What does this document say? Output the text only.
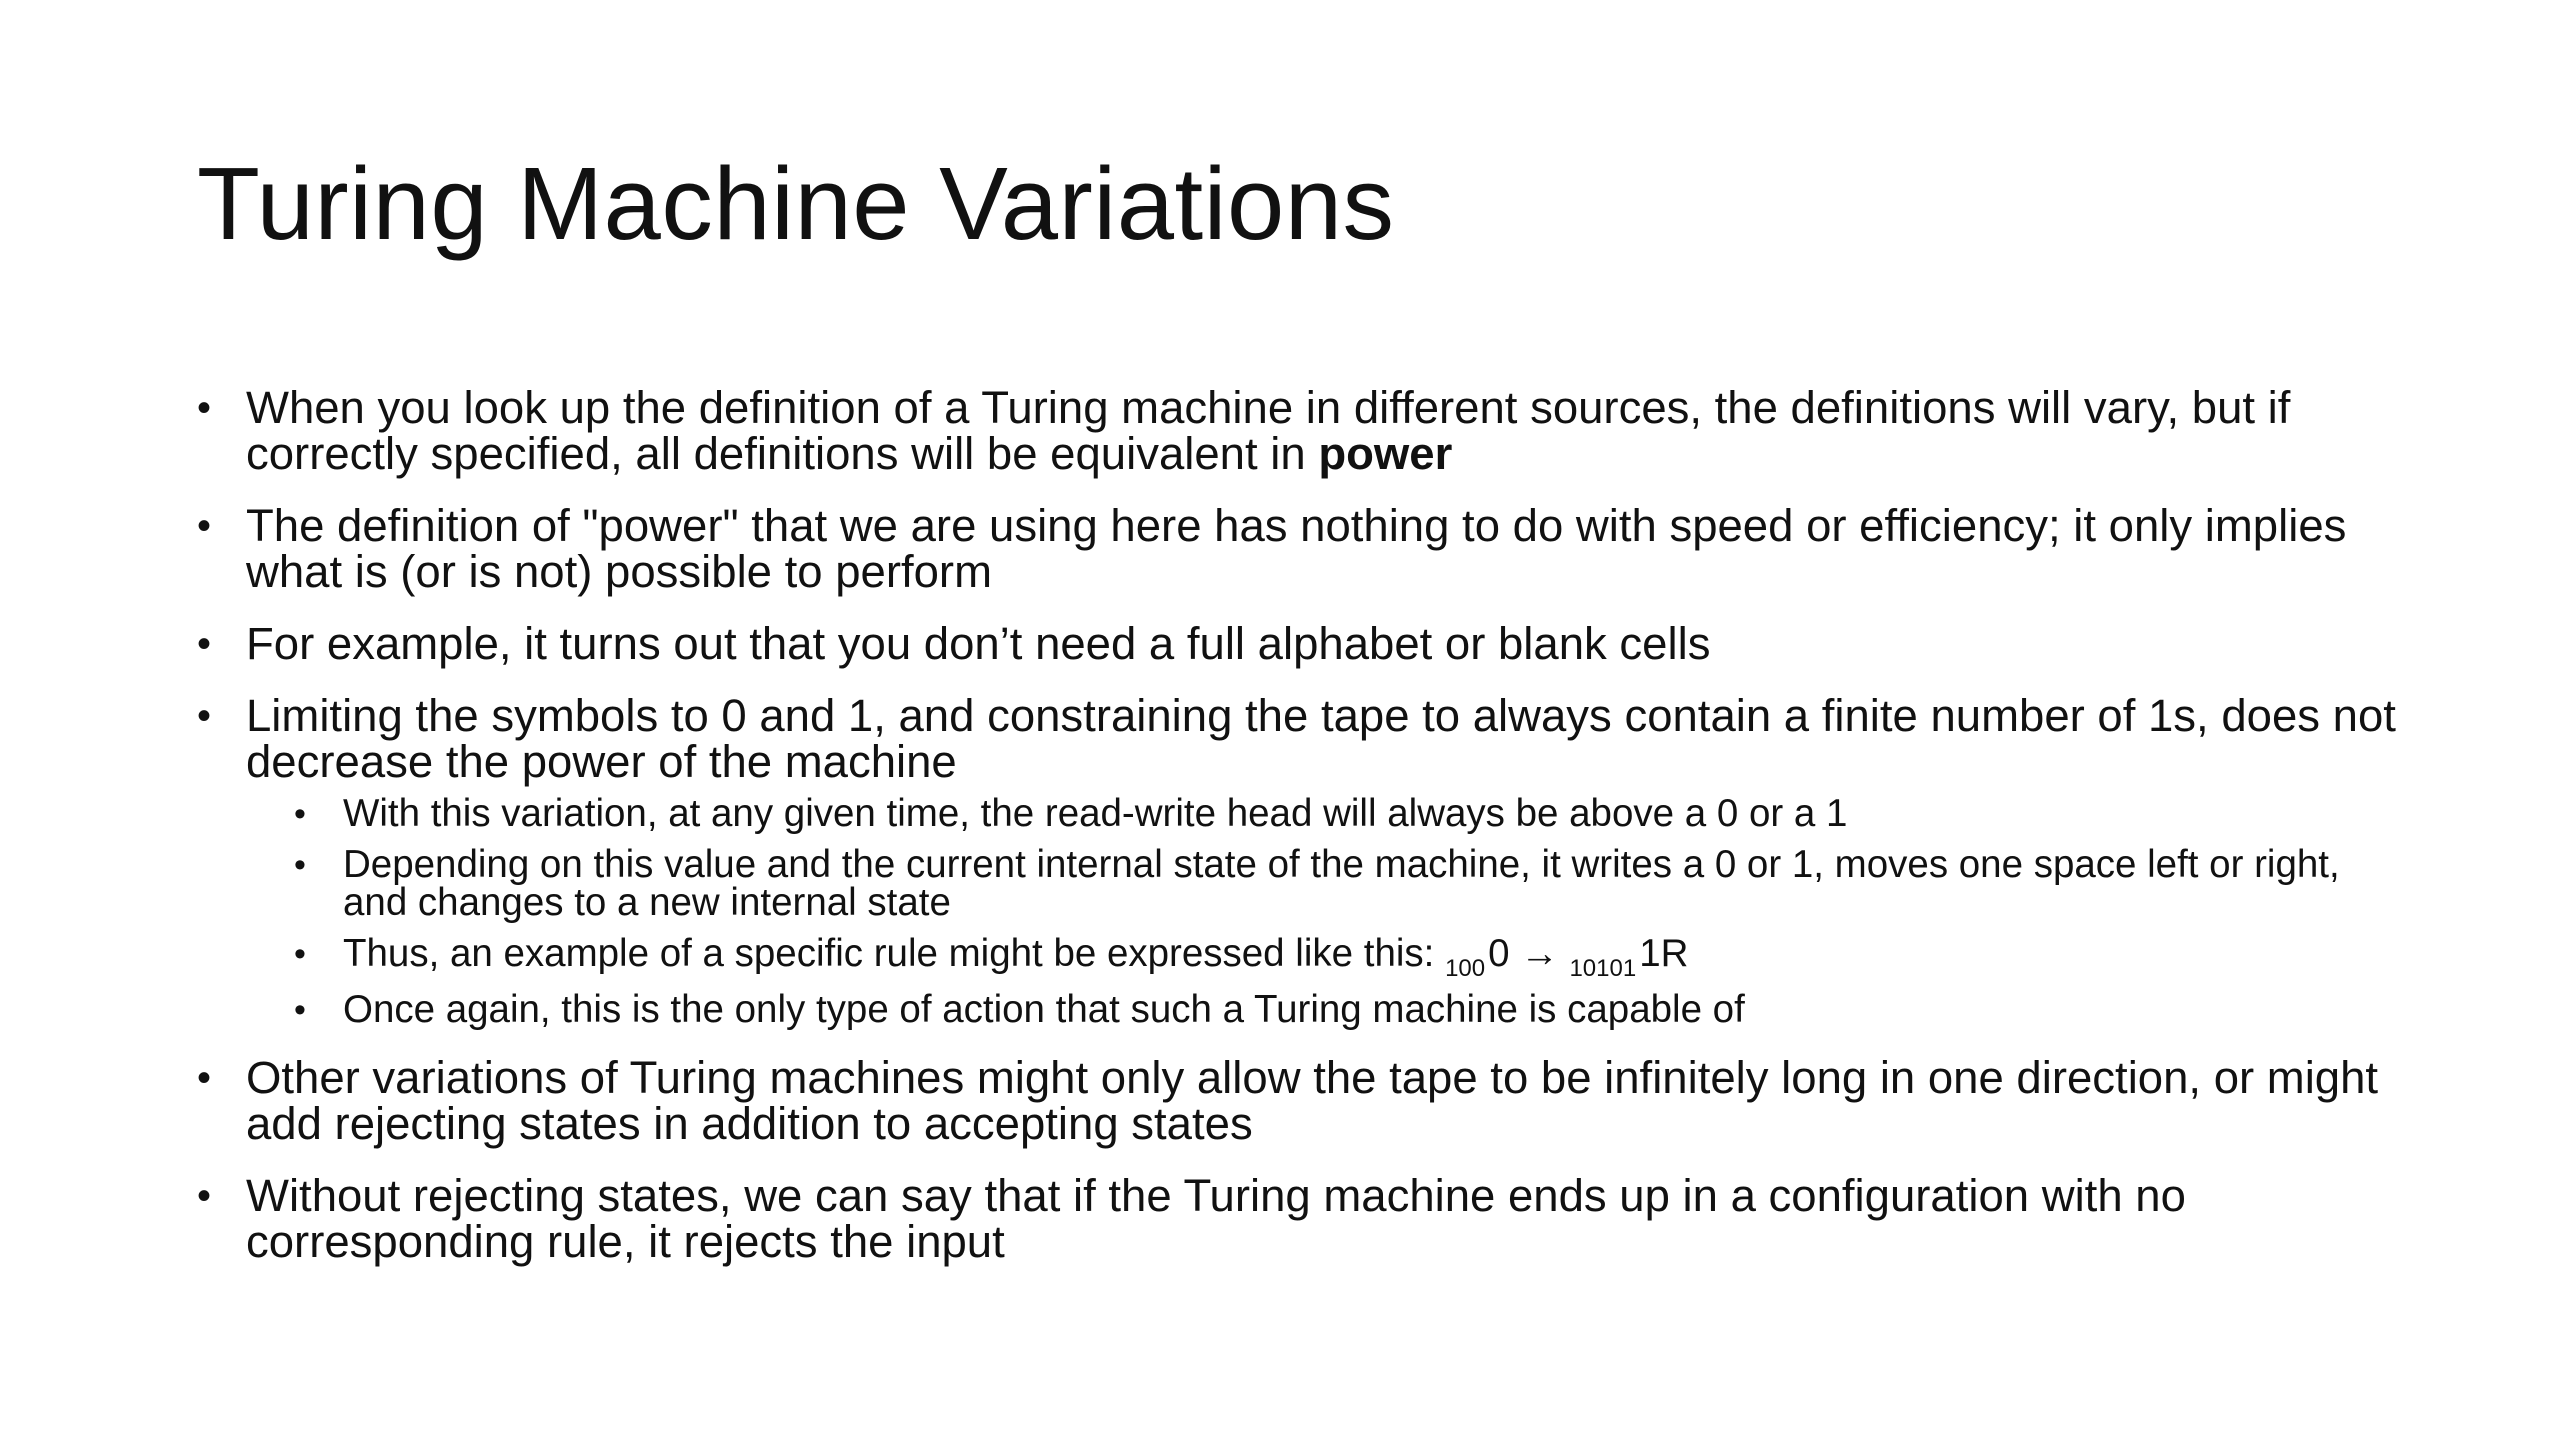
Turing Machine Variations
• When you look up the definition of a Turing machine in different sources, the definitions will vary, but if correctly specified, all definitions will be equivalent in power
• The definition of "power" that we are using here has nothing to do with speed or efficiency; it only implies what is (or is not) possible to perform
• For example, it turns out that you don’t need a full alphabet or blank cells
• Limiting the symbols to 0 and 1, and constraining the tape to always contain a finite number of 1s, does not decrease the power of the machine
• With this variation, at any given time, the read-write head will always be above a 0 or a 1
• Depending on this value and the current internal state of the machine, it writes a 0 or 1, moves one space left or right, and changes to a new internal state
• Thus, an example of a specific rule might be expressed like this: $_{100}$0 → $_{10101}$1R
• Once again, this is the only type of action that such a Turing machine is capable of
• Other variations of Turing machines might only allow the tape to be infinitely long in one direction, or might add rejecting states in addition to accepting states
• Without rejecting states, we can say that if the Turing machine ends up in a configuration with no corresponding rule, it rejects the input
